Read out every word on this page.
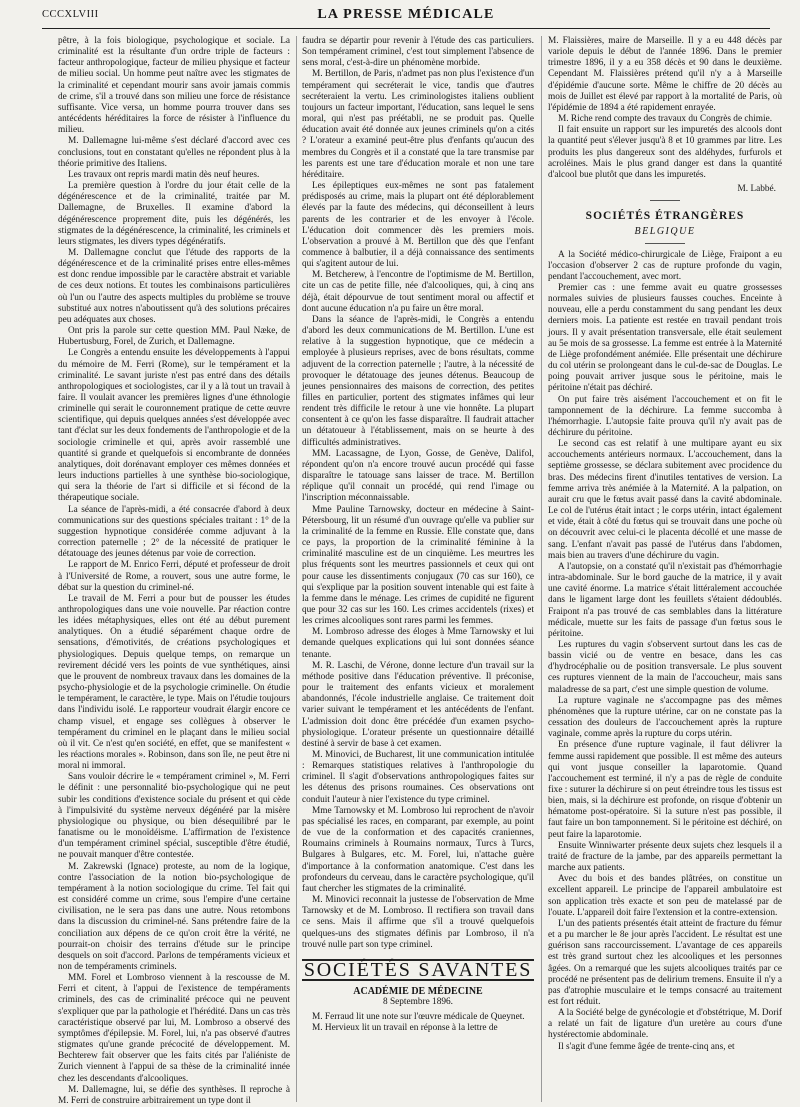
CCCXLVIII	LA PRESSE MÉDICALE

pêtre, à la fois biologique, psychologique et sociale. La criminalité est la résultante d'un ordre triple de facteurs : facteur anthropologique, facteur de milieu physique et facteur de milieu social. Un homme peut naître avec les stigmates de la criminalité et cependant mourir sans avoir jamais commis de crime, s'il a trouvé dans son milieu une force de résistance suffisante. Vice versa, un homme pourra trouver dans ses antécédents héréditaires la force de résister à l'influence du milieu.

M. Dallemagne lui-même s'est déclaré d'accord avec ces conclusions, tout en constatant qu'elles ne répondent plus à la théorie primitive des Italiens.

Les travaux ont repris mardi matin dès neuf heures.

La première question à l'ordre du jour était celle de la dégénérescence et de la criminalité, traitée par M. Dallemagne, de Bruxelles. Il examine d'abord la dégénérescence proprement dite, puis les dégénérés, les stigmates de la dégénérescence, la criminalité, les criminels et leurs stigmates, les divers types dégénératifs.

M. Dallemagne conclut que l'étude des rapports de la dégénérescence et de la criminalité prises entre elles-mêmes est donc rendue impossible par le caractère abstrait et variable de ces deux notions. Et toutes les combinaisons particulières où l'un ou l'autre des aspects multiples du problème se trouve substitué aux notres n'aboutissent qu'à des solutions précaires peu adéquates aux choses.

Ont pris la parole sur cette question MM. Paul Næke, de Hubertusburg, Forel, de Zurich, et Dallemagne.

Le Congrès a entendu ensuite les développements à l'appui du mémoire de M. Ferri (Rome), sur le tempérament et la criminalité. Le savant juriste n'est pas entré dans des détails anthropologiques et sociologistes, car il y a là tout un travail à faire. Il voulait avancer les premières lignes d'une éthnologie criminelle qui serait le couronnement pratique de cette œuvre scientifique, qui depuis quelques années s'est développée avec tant d'éclat sur les deux fondements de l'anthropologie et de la sociologie criminelle et qui, après avoir rassemblé une quantité si grande et quelquefois si encombrante de données analytiques, doit dorénavant employer ces mêmes données et leurs inductions partielles à une synthèse bio-sociologique, qui sera la théorie de l'art si difficile et si fécond de la thérapeutique sociale.

La séance de l'après-midi, a été consacrée d'abord à deux communications sur des questions spéciales traitant : 1° de la suggestion hypnotique considérée comme adjuvant à la correction paternelle ; 2° de la nécessité de pratiquer le détatouage des jeunes détenus par voie de correction.

Le rapport de M. Enrico Ferri, député et professeur de droit à l'Université de Rome, a rouvert, sous une autre forme, le débat sur la question du criminel-né.

Le travail de M. Ferri a pour but de pousser les études anthropologiques dans une voie nouvelle. Par réaction contre les idées métaphysiques, elles ont été au début purement analytiques. On a étudié séparément chaque ordre de sensations, d'émotivités, de créations psychologiques et physiologiques. Depuis quelque temps, on remarque un revirement décidé vers les points de vue synthétiques, ainsi que le prouvent de nombreux travaux dans les domaines de la psycho-physiologie et de la psychologie criminelle. On étudie le tempérament, le caractère, le type. Mais on l'étudie toujours dans l'individu isolé. Le rapporteur voudrait élargir encore ce champ visuel, et engage ses collègues à observer le tempérament du criminel en le plaçant dans le milieu social où il vit. Ce n'est qu'en société, en effet, que se manifestent « les réactions morales ». Robinson, dans son île, ne peut être ni moral ni immoral.

Sans vouloir décrire le « tempérament criminel », M. Ferri le définit : une personnalité bio-psychologique qui ne peut subir les conditions d'existence sociale du présent et qui cède à l'impulsivité du système nerveux dégénéré par la misère physiologique ou physique, ou bien désequilibré par le fanatisme ou le monoïdéisme. L'affirmation de l'existence d'un tempérament criminel spécial, susceptible d'être étudié, ne pouvait manquer d'être contestée.

M. Zakrewski (Ignace) proteste, au nom de la logique, contre l'association de la notion bio-psychologique de tempérament à la notion sociologique du crime. Tel fait qui est considéré comme un crime, sous l'empire d'une certaine civilisation, ne le sera pas dans une autre. Nous retombons dans la discussion du criminel-né. Sans prétendre faire de la conciliation aux dépens de ce qu'on croit être la vérité, ne pourrait-on choisir des terrains d'étude sur le principe desquels on soit d'accord. Parlons de tempéraments vicieux et non de tempéraments criminels.

MM. Forel et Lombroso viennent à la rescousse de M. Ferri et citent, à l'appui de l'existence de tempéraments criminels, des cas de criminalité précoce qui ne peuvent s'expliquer que par la pathologie et l'hérédité. Dans un cas très caractéristique observé par lui, M. Lombroso a observé des symptômes d'épilepsie. M. Forel, lui, n'a pas observé d'autres stigmates qu'une grande précocité de développement. M. Bechterew fait observer que les faits cités par l'aliéniste de Zurich viennent à l'appui de sa thèse de la criminalité innée chez les descendants d'alcooliques.

M. Dallemagne, lui, se défie des synthèses. Il reproche à M. Ferri de construire arbitrairement un type dont il

faudra se départir pour revenir à l'étude des cas particuliers. Son tempérament criminel, c'est tout simplement l'absence de sens moral, c'est-à-dire un phénomène morbide.

M. Bertillon, de Paris, n'admet pas non plus l'existence d'un tempérament qui secréterait le vice, tandis que d'autres secréteraient la vertu. Les criminologistes italiens oublient toujours un facteur important, l'éducation, sans lequel le sens moral, qui n'est pas préétabli, ne se produit pas. Quelle éducation avait été donnée aux jeunes criminels qu'on a cités ? L'orateur a examiné peut-être plus d'enfants qu'aucun des membres du Congrès et il a constaté que la tare transmise par les parents est une tare d'éducation morale et non une tare héréditaire.

Les épileptiques eux-mêmes ne sont pas fatalement prédisposés au crime, mais la plupart ont été déplorablement élevés par la faute des médecins, qui déconseillent à leurs parents de les contrarier et de les envoyer à l'école. L'éducation doit commencer dès les premiers mois. L'observation a prouvé à M. Bertillon que dès que l'enfant commence à balbutier, il a déjà connaissance des sentiments qui s'agitent autour de lui.

M. Betcherew, à l'encontre de l'optimisme de M. Bertillon, cite un cas de petite fille, née d'alcooliques, qui, à cinq ans déjà, était dépourvue de tout sentiment moral ou affectif et dont aucune éducation n'a pu faire un être moral.

Dans la séance de l'après-midi, le Congrès a entendu d'abord les deux communications de M. Bertillon. L'une est relative à la suggestion hypnotique, que ce médecin a employée à plusieurs reprises, avec de bons résultats, comme adjuvent de la correction paternelle ; l'autre, à la nécessité de provoquer le détatouage des jeunes détenus. Beaucoup de jeunes pensionnaires des maisons de correction, des petites filles en particulier, portent des stigmates infâmes qui leur rendent très difficile le retour à une vie honnête. La plupart consentent à ce qu'on les fasse disparaître. Il faudrait attacher un détatoueur à l'établissement, mais on se heurte à des difficultés administratives.

MM. Lacassagne, de Lyon, Gosse, de Genève, Dalifol, répondent qu'on n'a encore trouvé aucun procédé qui fasse disparaître le tatouage sans laisser de trace. M. Bertillon réplique qu'il connait un procédé, qui rend l'image ou l'inscription méconnaissable.

Mme Pauline Tarnowsky, docteur en médecine à Saint-Pétersbourg, lit un résumé d'un ouvrage qu'elle va publier sur la criminalité de la femme en Russie. Elle constate que, dans ce pays, la proportion de la criminalité féminine à la criminalité masculine est de un cinquième. Les meurtres les plus fréquents sont les meurtres passionnels et ceux qui ont pour cause les dissentiments conjugaux (70 cas sur 160), ce qui s'explique par la position souvent intenable qui est faite à la femme dans le ménage. Les crimes de cupidité ne figurent que pour 32 cas sur les 160. Les crimes accidentels (rixes) et les crimes alcooliques sont rares parmi les femmes.

M. Lombroso adresse des éloges à Mme Tarnowsky et lui demande quelques explications qui lui sont données séance tenante.

M. R. Laschi, de Vérone, donne lecture d'un travail sur la méthode positive dans l'éducation préventive. Il préconise, pour le traitement des enfants vicieux et moralement abandonnés, l'école industrielle anglaise. Ce traitement doit varier suivant le tempérament et les antécédents de l'enfant. L'admission doit donc être précédée d'un examen psycho-physiologique. L'orateur présente un questionnaire détaillé destiné à servir de base à cet examen.

M. Minovici, de Bucharest, lit une communication intitulée : Remarques statistiques relatives à l'anthropologie du criminel. Il s'agit d'observations anthropologiques faites sur les détenus des prisons roumaines. Ces observations ont conduit l'auteur à nier l'existence du type criminel.

Mme Tarnowsky et M. Lombroso lui reprochent de n'avoir pas spécialisé les races, en comparant, par exemple, au point de vue de la conformation et des capacités craniennes, Roumains criminels à Roumains normaux, Turcs à Turcs, Bulgares à Bulgares, etc. M. Forel, lui, n'attache guère d'importance à la conformation anatomique. C'est dans les profondeurs du cerveau, dans le caractère psychologique, qu'il faut chercher les stigmates de la criminalité.

M. Minovici reconnait la justesse de l'observation de Mme Tarnowsky et de M. Lombroso. Il rectifiera son travail dans ce sens. Mais il affirme que s'il a trouvé quelquefois quelques-uns des stigmates définis par Lombroso, il n'a trouvé nulle part son type criminel.

SOCIÉTÉS SAVANTES
ACADÉMIE DE MÉDECINE
8 Septembre 1896.

M. Ferraud lit une note sur l'œuvre médicale de Queynet.

M. Hervieux lit un travail en réponse à la lettre de

M. Flaissières, maire de Marseille. Il y a eu 448 décès par variole depuis le début de l'année 1896. Dans le premier trimestre 1896, il y a eu 358 décès et 90 dans le deuxième. Cependant M. Flaissières prétend qu'il n'y a à Marseille d'épidémie d'aucune sorte. Même le chiffre de 20 décès au mois de Juillet est élevé par rapport à la mortalité de Paris, où l'épidémie de 1894 a été rapidement enrayée.

M. Riche rend compte des travaux du Congrès de chimie.

Il fait ensuite un rapport sur les impuretés des alcools dont la quantité peut s'élever jusqu'à 8 et 10 grammes par litre. Les produits les plus dangereux sont des aldéhydes, furfurols et acroléines. Mais le plus grand danger est dans la quantité d'alcool bue plutôt que dans les impuretés.

M. Labbé.
SOCIÉTÉS ÉTRANGÈRES
BELGIQUE

A la Société médico-chirurgicale de Liège, Fraipont a eu l'occasion d'observer 2 cas de rupture profonde du vagin, pendant l'accouchement, avec mort.

Premier cas : une femme avait eu quatre grossesses normales suivies de plusieurs fausses couches. Enceinte à nouveau, elle a perdu constamment du sang pendant les deux derniers mois. La patiente est restée en travail pendant trois jours. Il y avait présentation transversale, elle était seulement au 5e mois de sa grossesse. La femme est entrée à la Maternité de Liège profondément anémiée. Elle présentait une déchirure du col utérin se prolongeant dans le cul-de-sac de Douglas. Le poing pouvait arriver jusque sous le péritoine, mais le péritoine n'était pas déchiré.

On put faire très aisément l'accouchement et on fit le tamponnement de la déchirure. La femme succomba à l'hémorrhagie. L'autopsie faite prouva qu'il n'y avait pas de déchirure du péritoine.

Le second cas est relatif à une multipare ayant eu six accouchements antérieurs normaux. L'accouchement, dans la septième grossesse, se déclara subitement avec procidence du bras. Des médecins firent d'inutiles tentatives de version. La femme arriva très anémiée à la Maternité. A la palpation, on aurait cru que le fœtus avait passé dans la cavité abdominale. Le col de l'utérus était intact ; le corps utérin, intact également et vide, était à côté du fœtus qui se trouvait dans une poche où on découvrit avec celui-ci le placenta décollé et une masse de sang. L'enfant n'avait pas passé de l'utérus dans l'abdomen, mais bien au travers d'une déchirure du vagin.

A l'autopsie, on a constaté qu'il n'existait pas d'hémorrhagie intra-abdominale. Sur le bord gauche de la matrice, il y avait une cavité énorme. La matrice s'était littéralement accouchée dans le ligament large dont les feuillets s'étaient dédoublés. Fraipont n'a pas trouvé de cas semblables dans la littérature médicale, muette sur les faits de passage d'un fœtus sous le péritoine.

Les ruptures du vagin s'observent surtout dans les cas de bassin vicié ou de ventre en besace, dans les cas d'hydrocéphalie ou de position transversale. Le plus souvent ces ruptures viennent de la main de l'accoucheur, mais sans maladresse de sa part, c'est une simple question de volume.

La rupture vaginale ne s'accompagne pas des mêmes phénomènes que la rupture utérine, car on ne constate pas la cessation des douleurs de l'accouchement après la rupture vaginale, comme après la rupture du corps utérin.

En présence d'une rupture vaginale, il faut délivrer la femme aussi rapidement que possible. Il est même des auteurs qui vont jusque conseiller la laparotomie. Quand l'accouchement est terminé, il n'y a pas de règle de conduite fixe : suturer la déchirure si on peut étreindre tous les tissus est bien, mais, si la déchirure est profonde, on risque d'obtenir un hématome post-opératoire. Si la suture n'est pas possible, il faut faire un bon tamponnement. Si le péritoine est déchiré, on peut faire la laparotomie.

Ensuite Winniwarter présente deux sujets chez lesquels il a traité de fracture de la jambe, par des appareils permettant la marche aux patients.

Avec du bois et des bandes plâtrées, on constitue un excellent appareil. Le principe de l'appareil ambulatoire est son application très exacte et son peu de matelassé par de l'ouate. L'appareil doit faire l'extension et la contre-extension.

L'un des patients présentés était atteint de fracture du fémur et a pu marcher le 8e jour après l'accident. Le résultat est une guérison sans raccourcissement. L'avantage de ces appareils est très grand surtout chez les alcooliques et les personnes âgées. On a remarqué que les sujets alcooliques traités par ce procédé ne présentent pas de delirium tremens. Ensuite il n'y a pas d'atrophie musculaire et le temps consacré au traitement est fort réduit.

A la Société belge de gynécologie et d'obstétrique, M. Dorif a relaté un fait de ligature d'un uretère au cours d'une hystérectomie abdominale.

Il s'agit d'une femme âgée de trente-cinq ans, et
